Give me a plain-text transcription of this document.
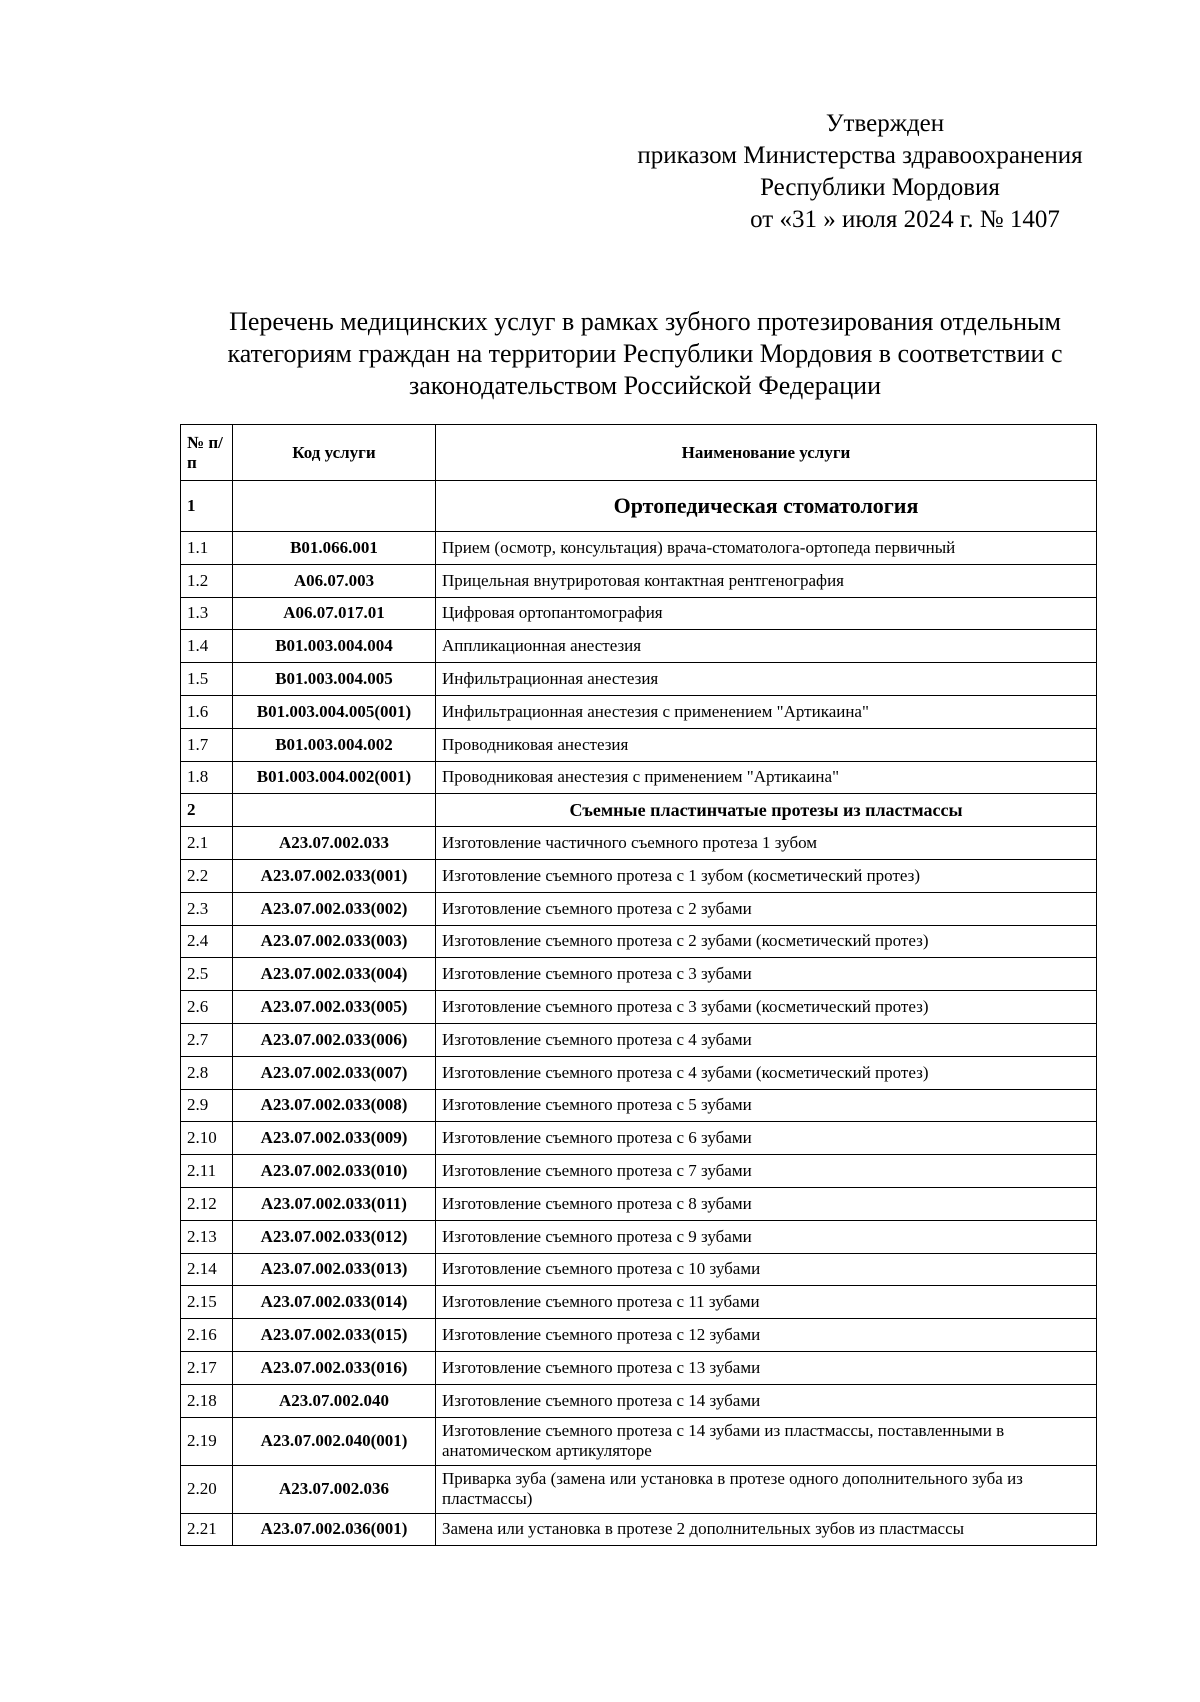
Утвержден
приказом Министерства здравоохранения
Республики Мордовия
от «31 » июля 2024 г. № 1407
Перечень медицинских услуг в рамках зубного протезирования отдельным
категориям граждан на территории Республики Мордовия в соответствии с
законодательством Российской Федерации
№ п/п	Код услуги	Наименование услуги
1		Ортопедическая стоматология
1.1	B01.066.001	Прием (осмотр, консультация) врача-стоматолога-ортопеда первичный
1.2	A06.07.003	Прицельная внутриротовая контактная рентгенография
1.3	A06.07.017.01	Цифровая ортопантомография
1.4	B01.003.004.004	Аппликационная анестезия
1.5	B01.003.004.005	Инфильтрационная анестезия
1.6	B01.003.004.005(001)	Инфильтрационная анестезия с применением "Артикаина"
1.7	B01.003.004.002	Проводниковая анестезия
1.8	B01.003.004.002(001)	Проводниковая анестезия с применением "Артикаина"
2		Съемные пластинчатые протезы из пластмассы
2.1	A23.07.002.033	Изготовление частичного съемного протеза 1 зубом
2.2	A23.07.002.033(001)	Изготовление съемного протеза с 1 зубом (косметический протез)
2.3	A23.07.002.033(002)	Изготовление съемного протеза с 2 зубами
2.4	A23.07.002.033(003)	Изготовление съемного протеза с 2 зубами (косметический протез)
2.5	A23.07.002.033(004)	Изготовление съемного протеза с 3 зубами
2.6	A23.07.002.033(005)	Изготовление съемного протеза с 3 зубами (косметический протез)
2.7	A23.07.002.033(006)	Изготовление съемного протеза с 4 зубами
2.8	A23.07.002.033(007)	Изготовление съемного протеза с 4 зубами (косметический протез)
2.9	A23.07.002.033(008)	Изготовление съемного протеза с 5 зубами
2.10	A23.07.002.033(009)	Изготовление съемного протеза с 6 зубами
2.11	A23.07.002.033(010)	Изготовление съемного протеза с 7 зубами
2.12	A23.07.002.033(011)	Изготовление съемного протеза с 8 зубами
2.13	A23.07.002.033(012)	Изготовление съемного протеза с 9 зубами
2.14	A23.07.002.033(013)	Изготовление съемного протеза с 10 зубами
2.15	A23.07.002.033(014)	Изготовление съемного протеза с 11 зубами
2.16	A23.07.002.033(015)	Изготовление съемного протеза с 12 зубами
2.17	A23.07.002.033(016)	Изготовление съемного протеза с 13 зубами
2.18	A23.07.002.040	Изготовление съемного протеза с 14 зубами
2.19	A23.07.002.040(001)	Изготовление съемного протеза с 14 зубами из пластмассы, поставленными в анатомическом артикуляторе
2.20	A23.07.002.036	Приварка зуба (замена или установка в протезе одного дополнительного зуба из пластмассы)
2.21	A23.07.002.036(001)	Замена или установка в протезе 2 дополнительных зубов из пластмассы
